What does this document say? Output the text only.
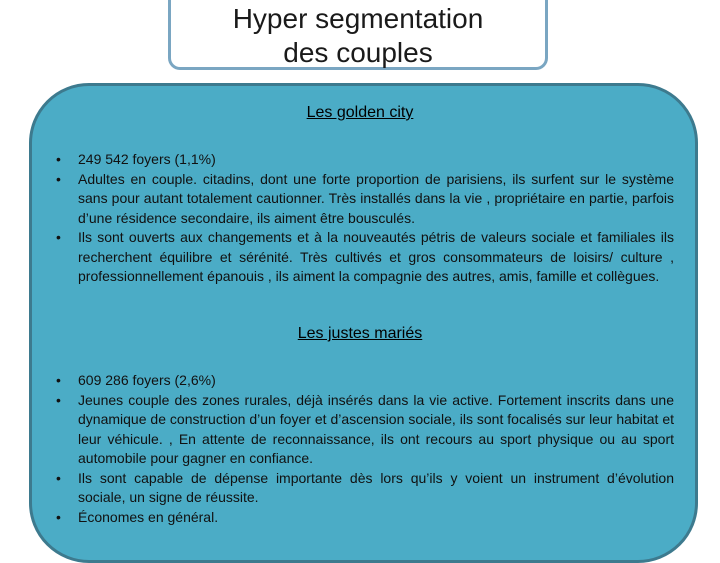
Hyper segmentation
des couples
Les golden city
•	249 542 foyers (1,1%)
•	Adultes en couple. citadins, dont une forte proportion de parisiens, ils surfent sur le système sans pour autant totalement cautionner. Très installés dans la vie , propriétaire en partie, parfois d’une résidence secondaire, ils aiment être bousculés.
•	Ils sont ouverts aux changements et à la nouveautés pétris de valeurs sociale et familiales ils recherchent équilibre et sérénité. Très cultivés et gros consommateurs de loisirs/ culture , professionnellement épanouis , ils aiment la compagnie des autres, amis, famille et collègues.
Les justes mariés
•	609 286 foyers (2,6%)
•	Jeunes couple des zones rurales, déjà insérés dans la vie active. Fortement inscrits dans une dynamique de construction d’un foyer et d’ascension sociale, ils sont focalisés sur leur habitat et leur véhicule. , En attente de reconnaissance, ils ont recours au sport physique ou au sport automobile pour gagner en confiance.
•	Ils sont capable de dépense importante dès lors qu’ils y voient un instrument d’évolution sociale, un signe de réussite.
•	Économes en général.
